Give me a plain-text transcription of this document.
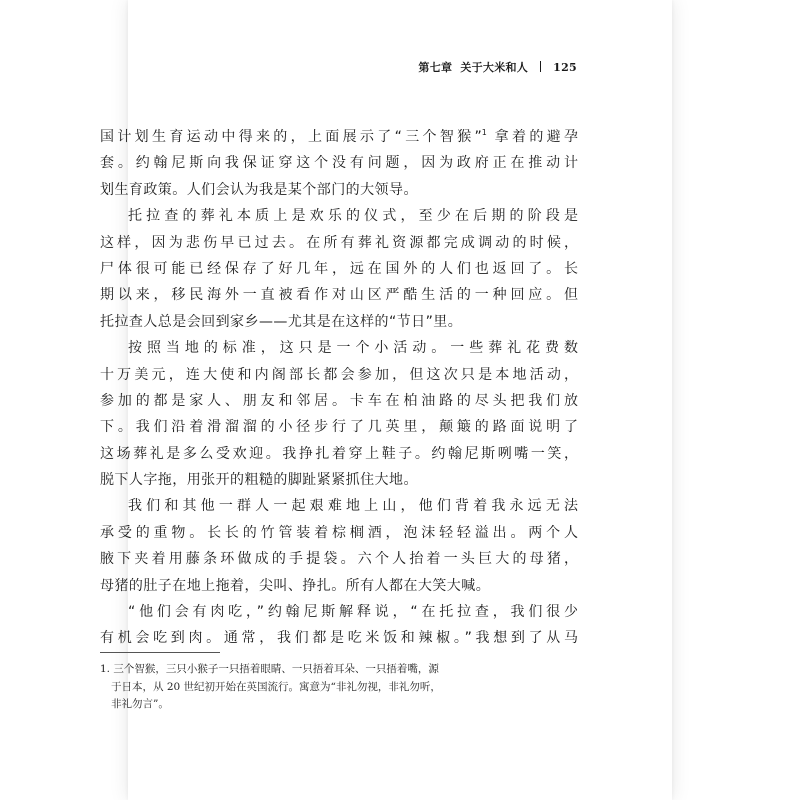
第七章 关于大米和人 125
国计划生育运动中得来的，上面展示了“三个智猴”$^1$ 拿着的避孕
套。约翰尼斯向我保证穿这个没有问题，因为政府正在推动计
划生育政策。人们会认为我是某个部门的大领导。
托拉查的葬礼本质上是欢乐的仪式，至少在后期的阶段是
这样，因为悲伤早已过去。在所有葬礼资源都完成调动的时候，
尸体很可能已经保存了好几年，远在国外的人们也返回了。长
期以来，移民海外一直被看作对山区严酷生活的一种回应。但
托拉查人总是会回到家乡——尤其是在这样的“节日”里。
按照当地的标准，这只是一个小活动。一些葬礼花费数
十万美元，连大使和内阁部长都会参加，但这次只是本地活动，
参加的都是家人、朋友和邻居。卡车在柏油路的尽头把我们放
下。我们沿着滑溜溜的小径步行了几英里，颠簸的路面说明了
这场葬礼是多么受欢迎。我挣扎着穿上鞋子。约翰尼斯咧嘴一笑，
脱下人字拖，用张开的粗糙的脚趾紧紧抓住大地。
我们和其他一群人一起艰难地上山，他们背着我永远无法
承受的重物。长长的竹管装着棕榈酒，泡沫轻轻溢出。两个人
腋下夹着用藤条环做成的手提袋。六个人抬着一头巨大的母猪，
母猪的肚子在地上拖着，尖叫、挣扎。所有人都在大笑大喊。
“他们会有肉吃，”约翰尼斯解释说，“在托拉查，我们很少
有机会吃到肉。通常，我们都是吃米饭和辣椒。”我想到了从马
1. 三个智猴，三只小猴子一只捂着眼睛、一只捂着耳朵、一只捂着嘴，源
于日本，从 20 世纪初开始在英国流行。寓意为“非礼勿视，非礼勿听，
非礼勿言”。
